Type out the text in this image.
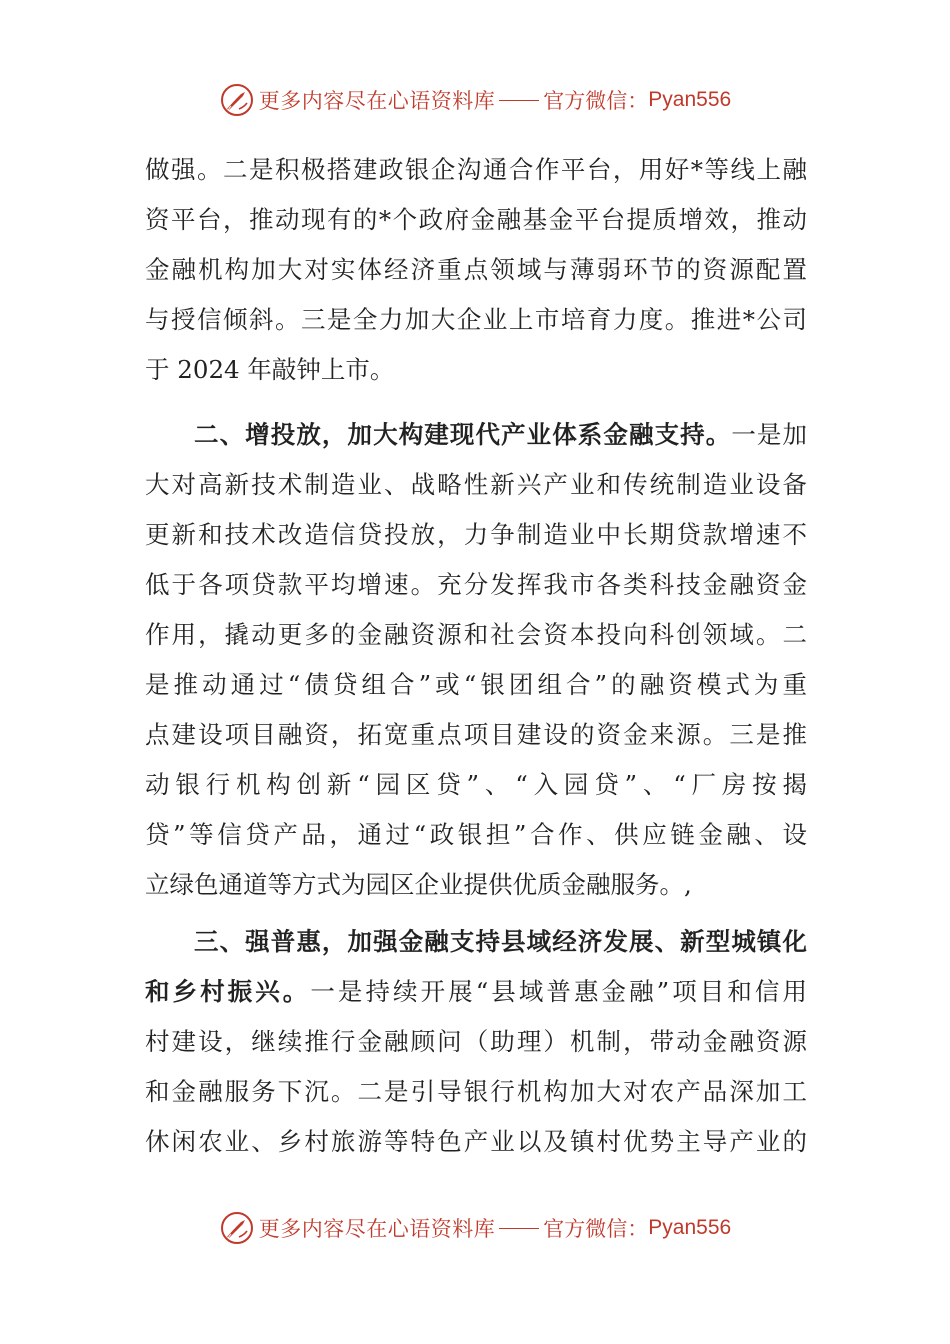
更多内容尽在心语资料库 官方微信： Pyan556
做强。二是积极搭建政银企沟通合作平台，用好*等线上融
资平台，推动现有的*个政府金融基金平台提质增效，推动
金融机构加大对实体经济重点领域与薄弱环节的资源配置
与授信倾斜。三是全力加大企业上市培育力度。推进*公司
于 2024 年敲钟上市。
二、增投放，加大构建现代产业体系金融支持。一是加
大对高新技术制造业、战略性新兴产业和传统制造业设备
更新和技术改造信贷投放，力争制造业中长期贷款增速不
低于各项贷款平均增速。充分发挥我市各类科技金融资金
作用，撬动更多的金融资源和社会资本投向科创领域。二
是推动通过“债贷组合”或“银团组合”的融资模式为重
点建设项目融资，拓宽重点项目建设的资金来源。三是推
动银行机构创新“园区贷”、“入园贷”、“厂房按揭
贷”等信贷产品，通过“政银担”合作、供应链金融、设
立绿色通道等方式为园区企业提供优质金融服务。,
三、强普惠，加强金融支持县域经济发展、新型城镇化
和乡村振兴。一是持续开展“县域普惠金融”项目和信用
村建设，继续推行金融顾问（助理）机制，带动金融资源
和金融服务下沉。二是引导银行机构加大对农产品深加工
休闲农业、乡村旅游等特色产业以及镇村优势主导产业的
更多内容尽在心语资料库 官方微信： Pyan556
